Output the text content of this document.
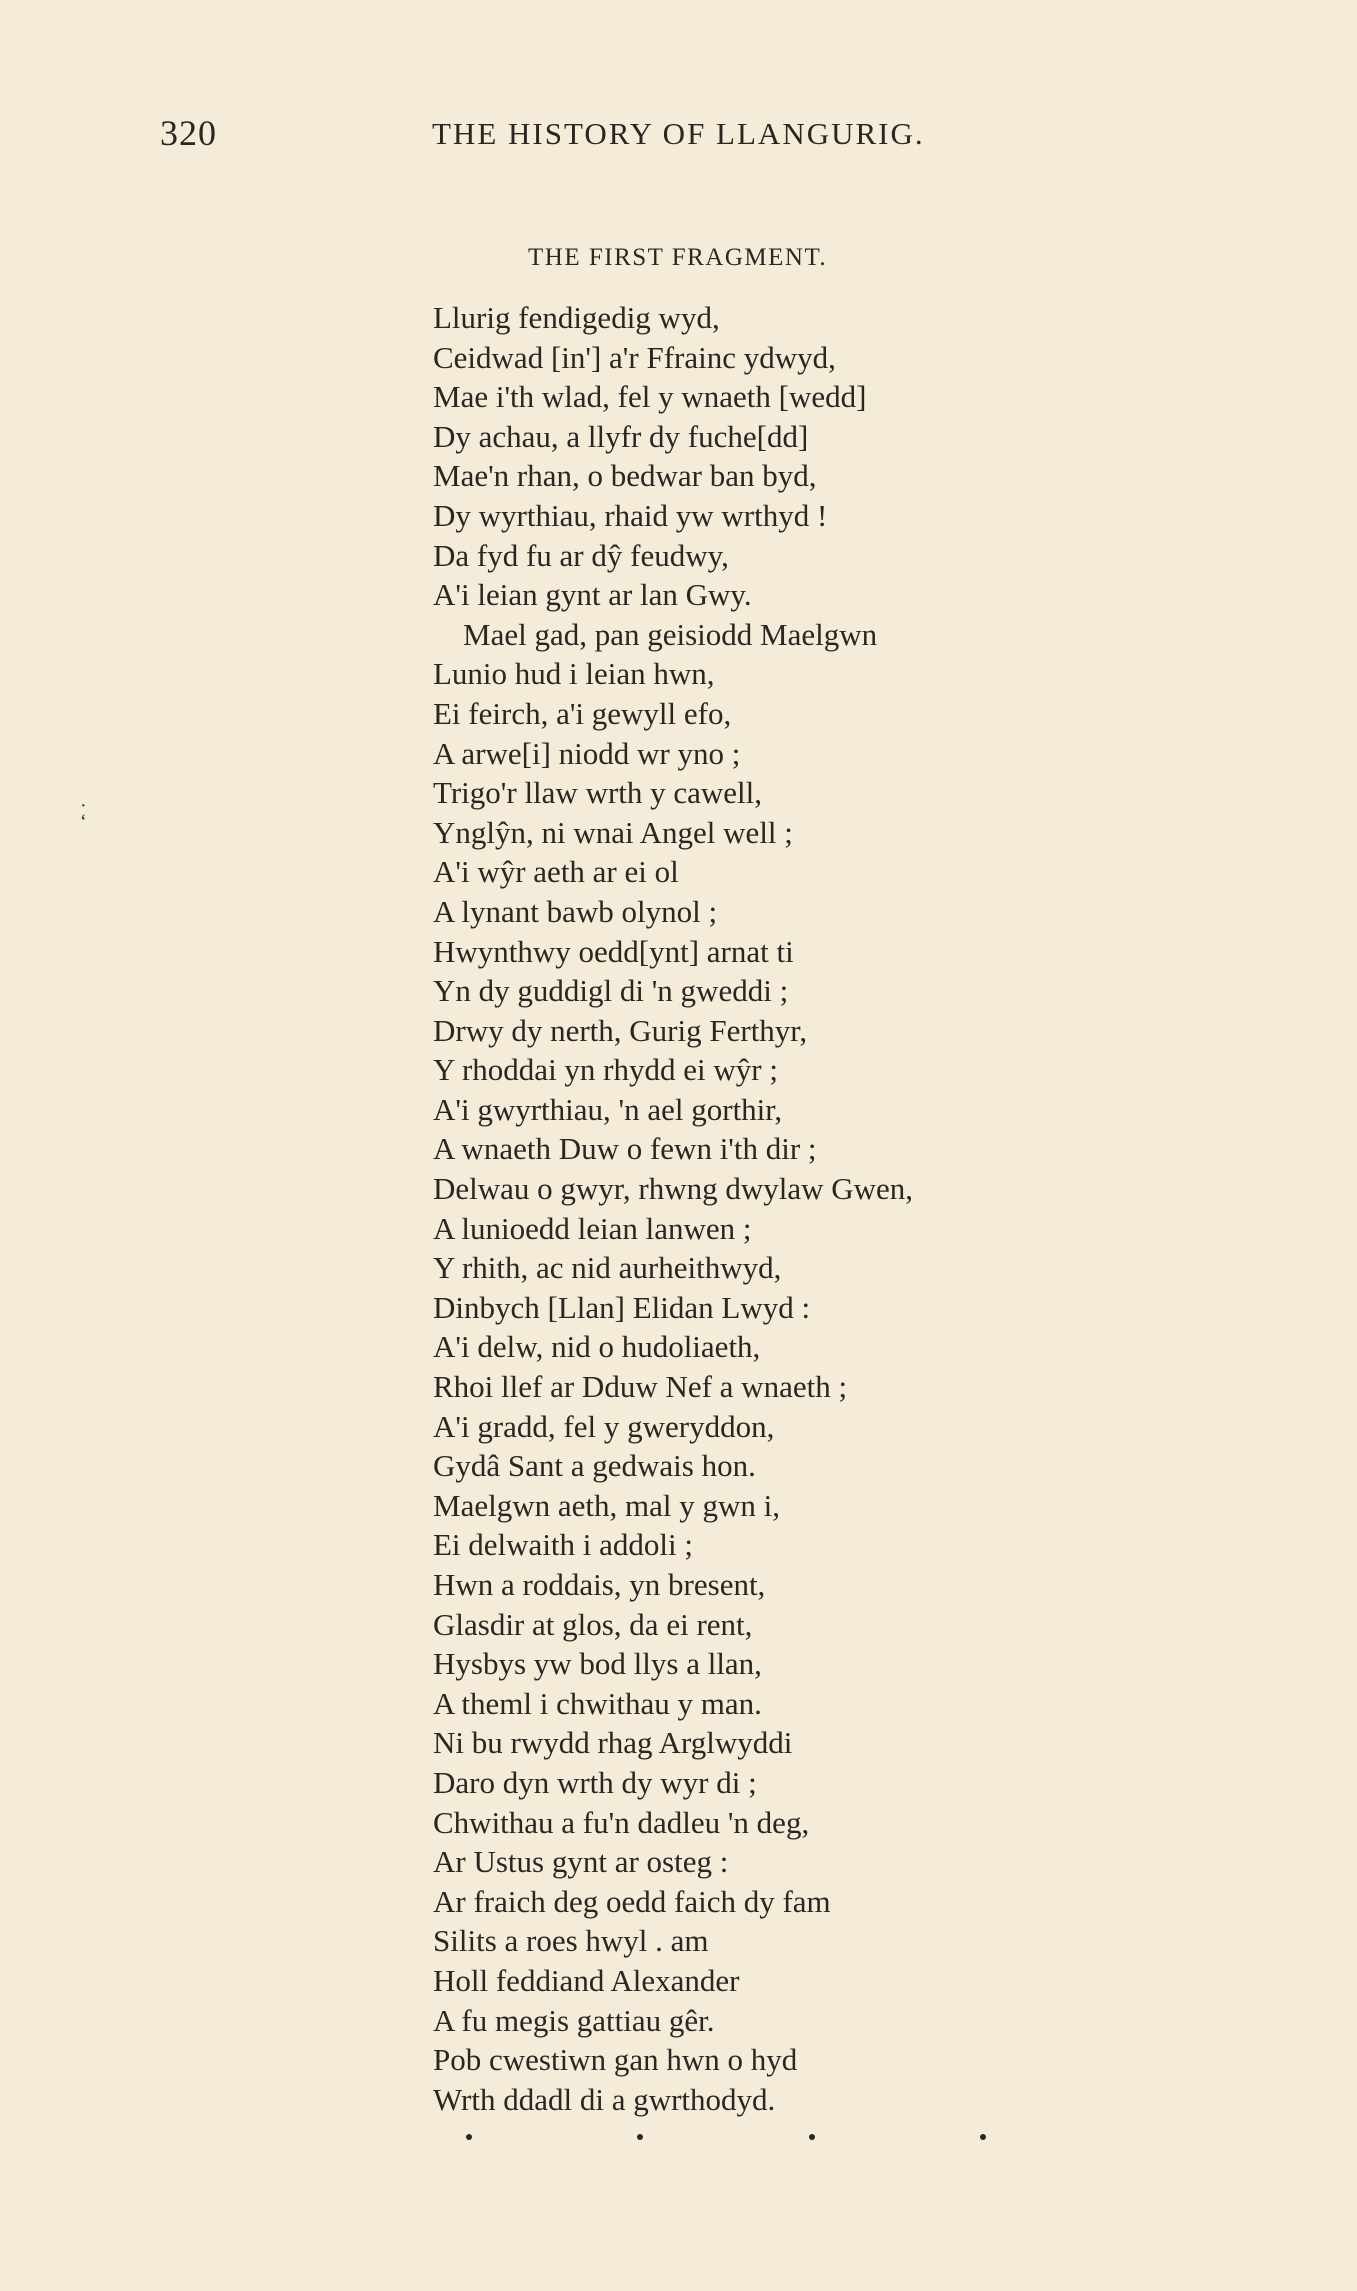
320	THE HISTORY OF LLANGURIG.
THE FIRST FRAGMENT.
·
‘
Llurig fendigedig wyd,
Ceidwad [in'] a'r Ffrainc ydwyd,
Mae i'th wlad, fel y wnaeth [wedd]
Dy achau, a llyfr dy fuche[dd]
Mae'n rhan, o bedwar ban byd,
Dy wyrthiau, rhaid yw wrthyd !
Da fyd fu ar dŷ feudwy,
A'i leian gynt ar lan Gwy.
Mael gad, pan geisiodd Maelgwn
Lunio hud i leian hwn,
Ei feirch, a'i gewyll efo,
A arwe[i] niodd wr yno ;
Trigo'r llaw wrth y cawell,
Ynglŷn, ni wnai Angel well ;
A'i wŷr aeth ar ei ol
A lynant bawb olynol ;
Hwynthwy oedd[ynt] arnat ti
Yn dy guddigl di 'n gweddi ;
Drwy dy nerth, Gurig Ferthyr,
Y rhoddai yn rhydd ei wŷr ;
A'i gwyrthiau, 'n ael gorthir,
A wnaeth Duw o fewn i'th dir ;
Delwau o gwyr, rhwng dwylaw Gwen,
A lunioedd leian lanwen ;
Y rhith, ac nid aurheithwyd,
Dinbych [Llan] Elidan Lwyd :
A'i delw, nid o hudoliaeth,
Rhoi llef ar Dduw Nef a wnaeth ;
A'i gradd, fel y gweryddon,
Gydâ Sant a gedwais hon.
Maelgwn aeth, mal y gwn i,
Ei delwaith i addoli ;
Hwn a roddais, yn bresent,
Glasdir at glos, da ei rent,
Hysbys yw bod llys a llan,
A theml i chwithau y man.
Ni bu rwydd rhag Arglwyddi
Daro dyn wrth dy wyr di ;
Chwithau a fu'n dadleu 'n deg,
Ar Ustus gynt ar osteg :
Ar fraich deg oedd faich dy fam
Silits a roes hwyl . am
Holl feddiand Alexander
A fu megis gattiau gêr.
Pob cwestiwn gan hwn o hyd
Wrth ddadl di a gwrthodyd.
